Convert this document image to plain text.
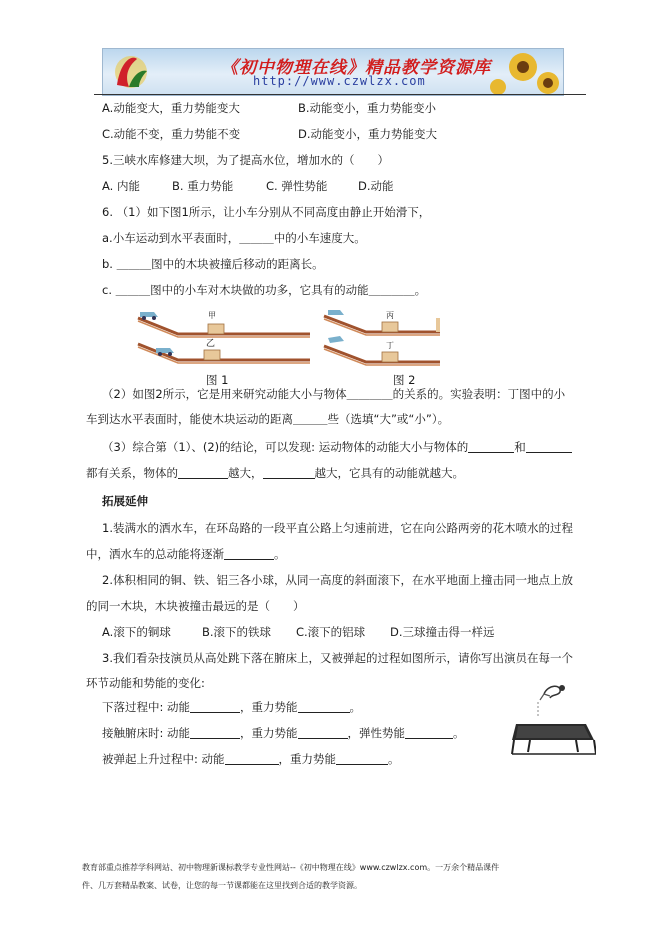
《初中物理在线》精品教学资源库
http://www.czwlzx.com
A.动能变大，重力势能变大	B.动能变小，重力势能变小
C.动能不变，重力势能不变	D.动能变小，重力势能变大
5.三峡水库修建大坝，为了提高水位，增加水的（　　）
A. 内能	B. 重力势能	C. 弹性势能	D.动能
6. （1）如下图1所示，让小车分别从不同高度由静止开始滑下，
a.小车运动到水平表面时，＿＿＿中的小车速度大。
b. ＿＿＿图中的木块被撞后移动的距离长。
c. ＿＿＿图中的小车对木块做的功多，它具有的动能＿＿＿＿。
甲
乙
丙
丁
图 1	图 2
（2）如图2所示，它是用来研究动能大小与物体＿＿＿＿的关系的。实验表明：丁图中的小
车到达水平表面时，能使木块运动的距离＿＿＿些（选填“大”或“小”）。
（3）综合第（1）、(2)的结论，可以发现: 运动物体的动能大小与物体的	和
都有关系，物体的	越大，	越大，它具有的动能就越大。
拓展延伸
1.装满水的洒水车，在环岛路的一段平直公路上匀速前进，它在向公路两旁的花木喷水的过程
中，洒水车的总动能将逐渐	。
2.体积相同的铜、铁、铝三各小球，从同一高度的斜面滚下，在水平地面上撞击同一地点上放
的同一木块，木块被撞击最远的是（　　）
A.滚下的铜球	B.滚下的铁球 C.滚下的铝球 D.三球撞击得一样远
3.我们看杂技演员从高处跳下落在腑床上，又被弹起的过程如图所示，请你写出演员在每一个
环节动能和势能的变化:
下落过程中: 动能	，重力势能	。
接触腑床时: 动能	，重力势能	，弹性势能	。
被弹起上升过程中: 动能	，重力势能	。
教育部重点推荐学科网站、初中物理新课标教学专业性网站--《初中物理在线》www.czwlzx.com。一万余个精品课件
件、几万套精品教案、试卷，让您的每一节课都能在这里找到合适的教学资源。
